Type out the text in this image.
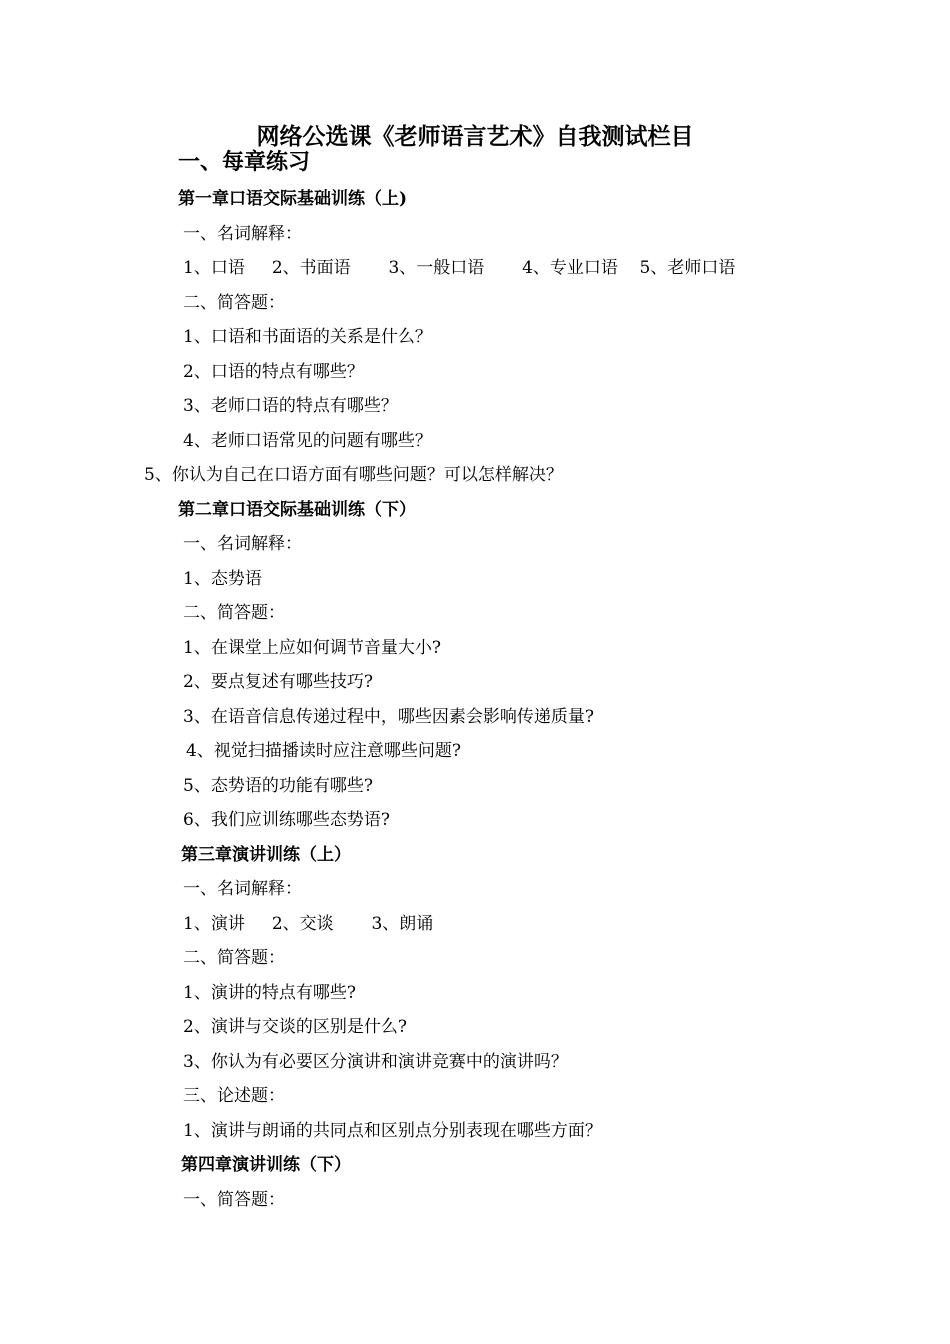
网络公选课《老师语言艺术》自我测试栏目
一、每章练习
第一章口语交际基础训练（上)
一、名词解释：
1、口语     2、书面语       3、一般口语       4、专业口语    5、老师口语
二、简答题：
1、口语和书面语的关系是什么？
2、口语的特点有哪些？
3、老师口语的特点有哪些？
4、老师口语常见的问题有哪些？
5、你认为自己在口语方面有哪些问题？可以怎样解决？
第二章口语交际基础训练（下）
一、名词解释：
1、态势语
二、简答题：
1、在课堂上应如何调节音量大小?
2、要点复述有哪些技巧?
3、在语音信息传递过程中，哪些因素会影响传递质量?
4、视觉扫描播读时应注意哪些问题?
5、态势语的功能有哪些?
6、我们应训练哪些态势语?
第三章演讲训练（上）
一、名词解释：
1、演讲     2、交谈       3、朗诵
二、简答题：
1、演讲的特点有哪些?
2、演讲与交谈的区别是什么?
3、你认为有必要区分演讲和演讲竞赛中的演讲吗？
三、论述题：
1、演讲与朗诵的共同点和区别点分别表现在哪些方面？
第四章演讲训练（下）
一、简答题：
